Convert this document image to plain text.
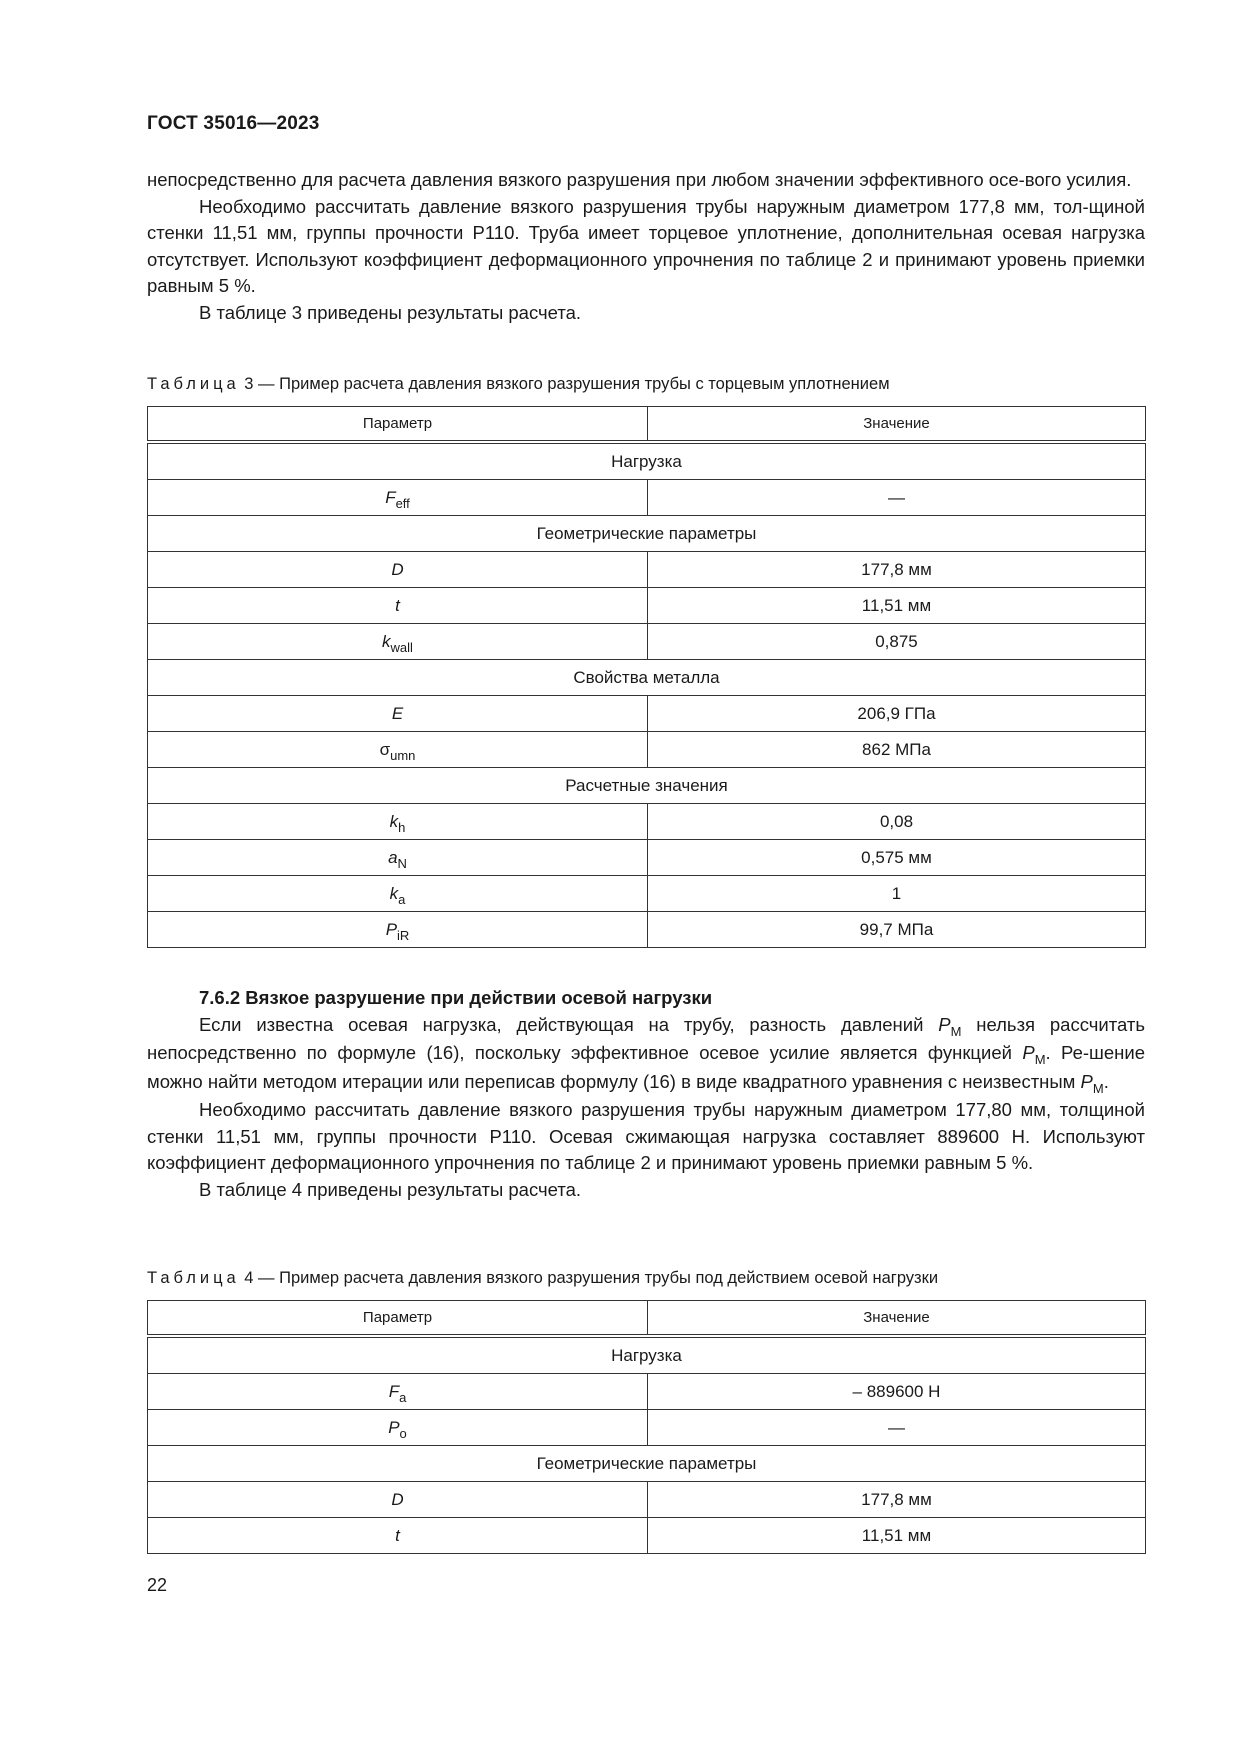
ГОСТ 35016—2023

непосредственно для расчета давления вязкого разрушения при любом значении эффективного осе-вого усилия.

Необходимо рассчитать давление вязкого разрушения трубы наружным диаметром 177,8 мм, тол-щиной стенки 11,51 мм, группы прочности Р110. Труба имеет торцевое уплотнение, дополнительная осевая нагрузка отсутствует. Используют коэффициент деформационного упрочнения по таблице 2 и принимают уровень приемки равным 5 %.

В таблице 3 приведены результаты расчета.

Таблица 3 — Пример расчета давления вязкого разрушения трубы с торцевым уплотнением
Параметр	Значение
Нагрузка	
$F_{eff}$	—
Геометрические параметры	
D	177,8 мм
t	11,51 мм
$k_{wall}$	0,875
Свойства металла	
E	206,9 ГПа
$\sigma_{umn}$	862 МПа
Расчетные значения	
$k_h$	0,08
$a_N$	0,575 мм
$k_a$	1
$P_{iR}$	99,7 МПа

7.6.2 Вязкое разрушение при действии осевой нагрузки

Если известна осевая нагрузка, действующая на трубу, разность давлений $P_M$ нельзя рассчитать непосредственно по формуле (16), поскольку эффективное осевое усилие является функцией $P_M$. Ре-шение можно найти методом итерации или переписав формулу (16) в виде квадратного уравнения с неизвестным $P_M$.

Необходимо рассчитать давление вязкого разрушения трубы наружным диаметром 177,80 мм, толщиной стенки 11,51 мм, группы прочности Р110. Осевая сжимающая нагрузка составляет 889600 Н. Используют коэффициент деформационного упрочнения по таблице 2 и принимают уровень приемки равным 5 %.

В таблице 4 приведены результаты расчета.

Таблица 4 — Пример расчета давления вязкого разрушения трубы под действием осевой нагрузки
Параметр	Значение
Нагрузка	
$F_a$	– 889600 Н
$P_o$	—
Геометрические параметры	
D	177,8 мм
t	11,51 мм
22
